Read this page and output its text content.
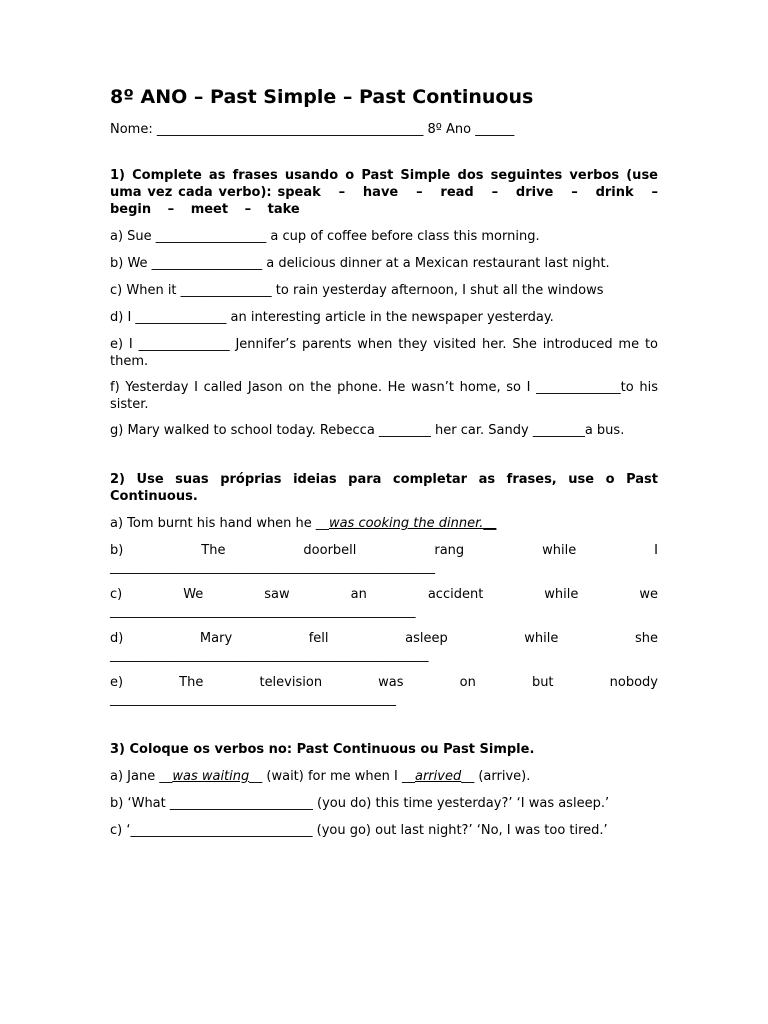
8º ANO – Past Simple – Past Continuous
Nome: _________________________________________ 8º Ano ______

1) Complete as frases usando o Past Simple dos seguintes verbos (use uma vez cada verbo): speak – have – read – drive – drink – begin – meet – take

a) Sue _________________ a cup of coffee before class this morning.

b) We _________________ a delicious dinner at a Mexican restaurant last night.

c) When it ______________ to rain yesterday afternoon, I shut all the windows

d) I ______________ an interesting article in the newspaper yesterday.

e) I ______________ Jennifer’s parents when they visited her. She introduced me to them.

f) Yesterday I called Jason on the phone. He wasn’t home, so I _____________to his sister.

g) Mary walked to school today. Rebecca ________ her car. Sandy ________a bus.

2) Use suas próprias ideias para completar as frases, use o Past Continuous.

a) Tom burnt his hand when he __was cooking the dinner.__

b) The doorbell rang while I
__________________________________________________
c) We saw an accident while we
_______________________________________________
d) Mary fell asleep while she
_________________________________________________
e) The television was on but nobody
____________________________________________

3) Coloque os verbos no: Past Continuous ou Past Simple.

a) Jane __was waiting__ (wait) for me when I __arrived__ (arrive).

b) ‘What ______________________ (you do) this time yesterday?’ ‘I was asleep.’

c) ‘____________________________ (you go) out last night?’ ‘No, I was too tired.’
